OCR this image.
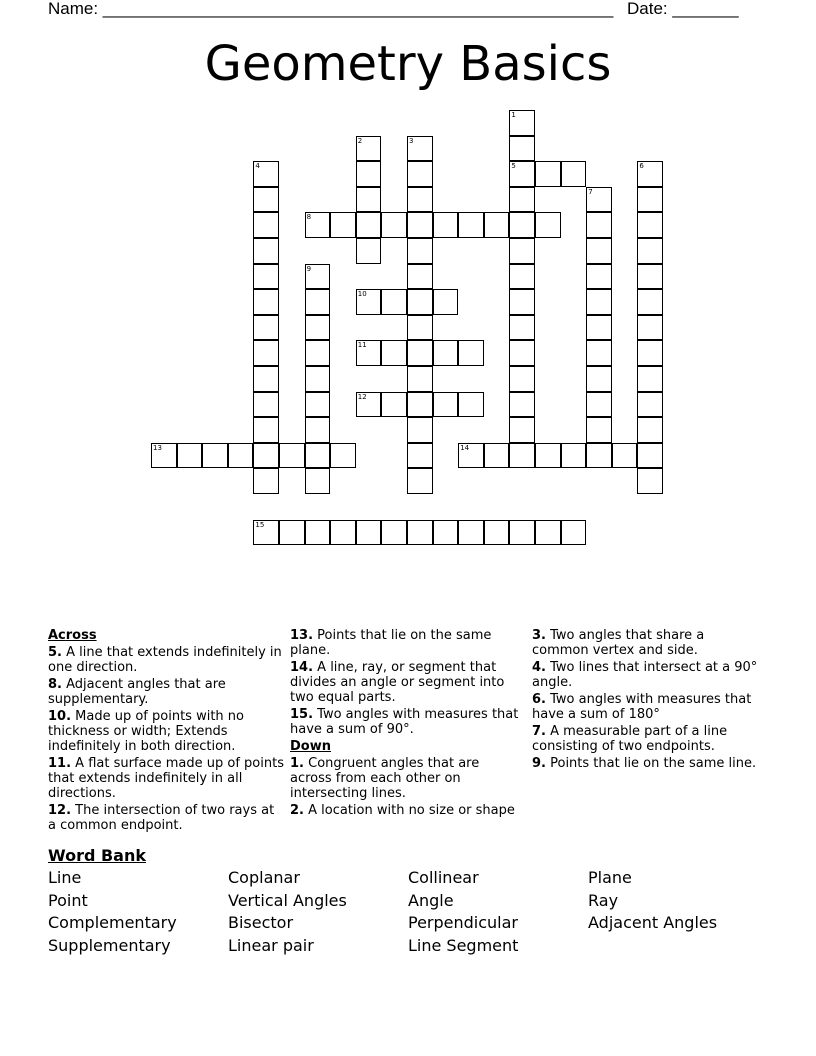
Name: ______________________________________________________ Date: _______
Geometry Basics
1
5
2	3
4	6
7
8
9
10
11
12
13	14
15
Across
5. A line that extends indefinitely in one direction.
8. Adjacent angles that are supplementary.
10. Made up of points with no thickness or width; Extends indefinitely in both direction.
11. A flat surface made up of points that extends indefinitely in all directions.
12. The intersection of two rays at a common endpoint.
13. Points that lie on the same plane.
14. A line, ray, or segment that divides an angle or segment into two equal parts.
15. Two angles with measures that have a sum of 90°.
Down
1. Congruent angles that are across from each other on intersecting lines.
2. A location with no size or shape
3. Two angles that share a common vertex and side.
4. Two lines that intersect at a 90° angle.
6. Two angles with measures that have a sum of 180°
7. A measurable part of a line consisting of two endpoints.
9. Points that lie on the same line.
Word Bank
Line
Point
Complementary
Supplementary
Coplanar
Vertical Angles
Bisector
Linear pair
Collinear
Angle
Perpendicular
Line Segment
Plane
Ray
Adjacent Angles
